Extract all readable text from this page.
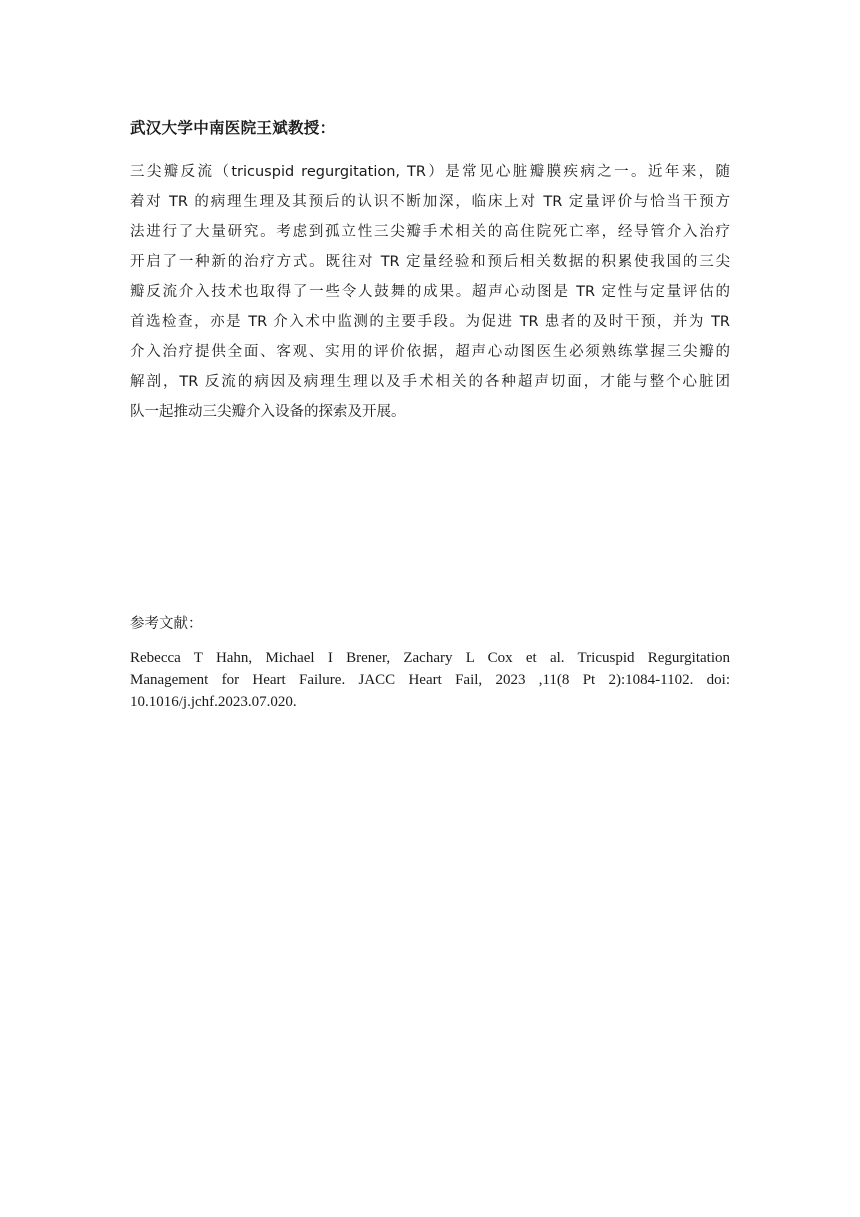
武汉大学中南医院王斌教授：
三尖瓣反流（tricuspid regurgitation, TR）是常见心脏瓣膜疾病之一。近年来，随
着对 TR 的病理生理及其预后的认识不断加深，临床上对 TR 定量评价与恰当干预方
法进行了大量研究。考虑到孤立性三尖瓣手术相关的高住院死亡率，经导管介入治疗
开启了一种新的治疗方式。既往对 TR 定量经验和预后相关数据的积累使我国的三尖
瓣反流介入技术也取得了一些令人鼓舞的成果。超声心动图是 TR 定性与定量评估的
首选检查，亦是 TR 介入术中监测的主要手段。为促进 TR 患者的及时干预，并为 TR
介入治疗提供全面、客观、实用的评价依据，超声心动图医生必须熟练掌握三尖瓣的
解剖，TR 反流的病因及病理生理以及手术相关的各种超声切面，才能与整个心脏团
队一起推动三尖瓣介入设备的探索及开展。

参考文献：

Rebecca T Hahn, Michael I Brener, Zachary L Cox et al. Tricuspid Regurgitation
Management for Heart Failure. JACC Heart Fail, 2023 ,11(8 Pt 2):1084-1102. doi:
10.1016/j.jchf.2023.07.020.
